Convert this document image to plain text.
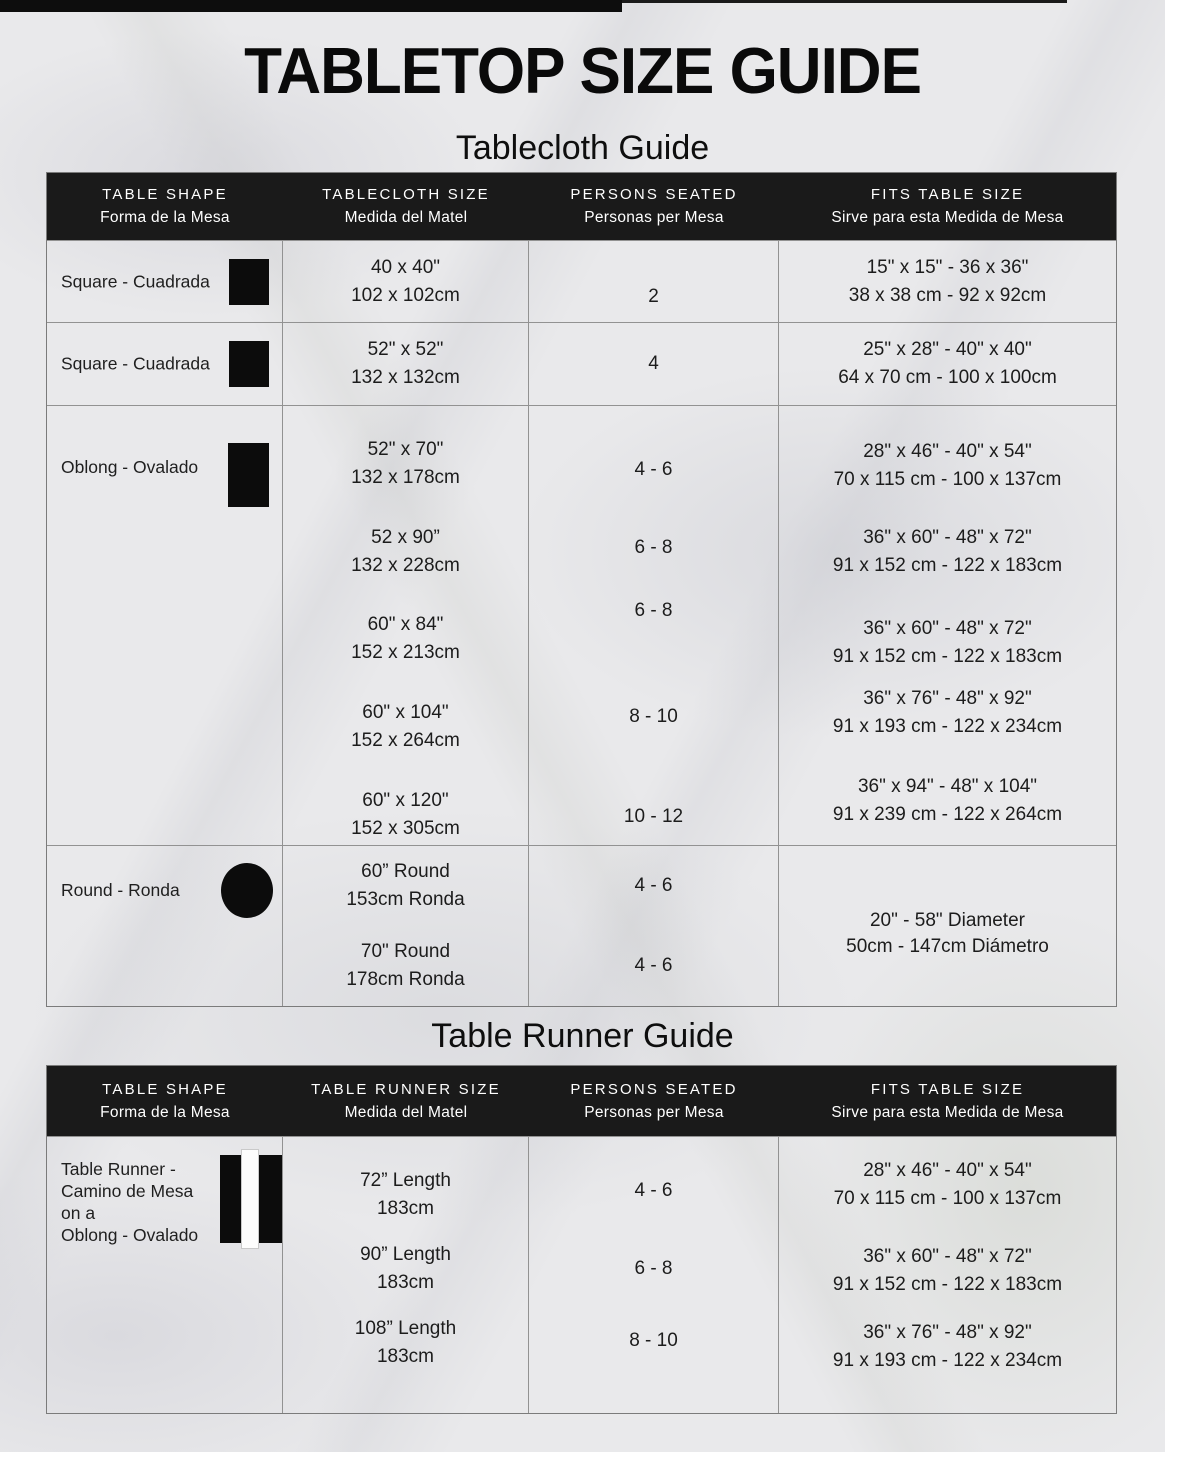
TABLETOP SIZE GUIDE
Tablecloth Guide
TABLE SHAPE
Forma de la Mesa
TABLECLOTH SIZE
Medida del Matel
PERSONS SEATED
Personas per Mesa
FITS TABLE SIZE
Sirve para esta Medida de Mesa
Square - Cuadrada
40 x 40"
102 x 102cm	2
15" x 15" - 36 x 36"
38 x 38 cm - 92 x 92cm
Square - Cuadrada
52" x 52"
132 x 132cm
4
25" x 28" - 40" x 40"
64 x 70 cm - 100 x 100cm
Oblong - Ovalado
52" x 70"
132 x 178cm
52 x 90”
132 x 228cm
60" x 84"
152 x 213cm
60" x 104"
152 x 264cm
60" x 120"
152 x 305cm
4 - 6
6 - 8
6 - 8
8 - 10
10 - 12
28" x 46" - 40" x 54"
70 x 115 cm - 100 x 137cm
36" x 60" - 48" x 72"
91 x 152 cm - 122 x 183cm
36" x 60" - 48" x 72"
91 x 152 cm - 122 x 183cm
36" x 76" - 48" x 92"
91 x 193 cm - 122 x 234cm
36" x 94" - 48" x 104"
91 x 239 cm - 122 x 264cm
Round - Ronda
60” Round
153cm Ronda
70" Round
178cm Ronda
4 - 6
4 - 6
20" - 58" Diameter
50cm - 147cm Diámetro
Table Runner Guide
TABLE SHAPE
Forma de la Mesa
TABLE RUNNER SIZE
Medida del Matel
PERSONS SEATED
Personas per Mesa
FITS TABLE SIZE
Sirve para esta Medida de Mesa
Table Runner -
Camino de Mesa
on a
Oblong - Ovalado
72” Length
183cm
90” Length
183cm
108” Length
183cm
4 - 6
6 - 8
8 - 10
28" x 46" - 40" x 54"
70 x 115 cm - 100 x 137cm
36" x 60" - 48" x 72"
91 x 152 cm - 122 x 183cm
36" x 76" - 48" x 92"
91 x 193 cm - 122 x 234cm
